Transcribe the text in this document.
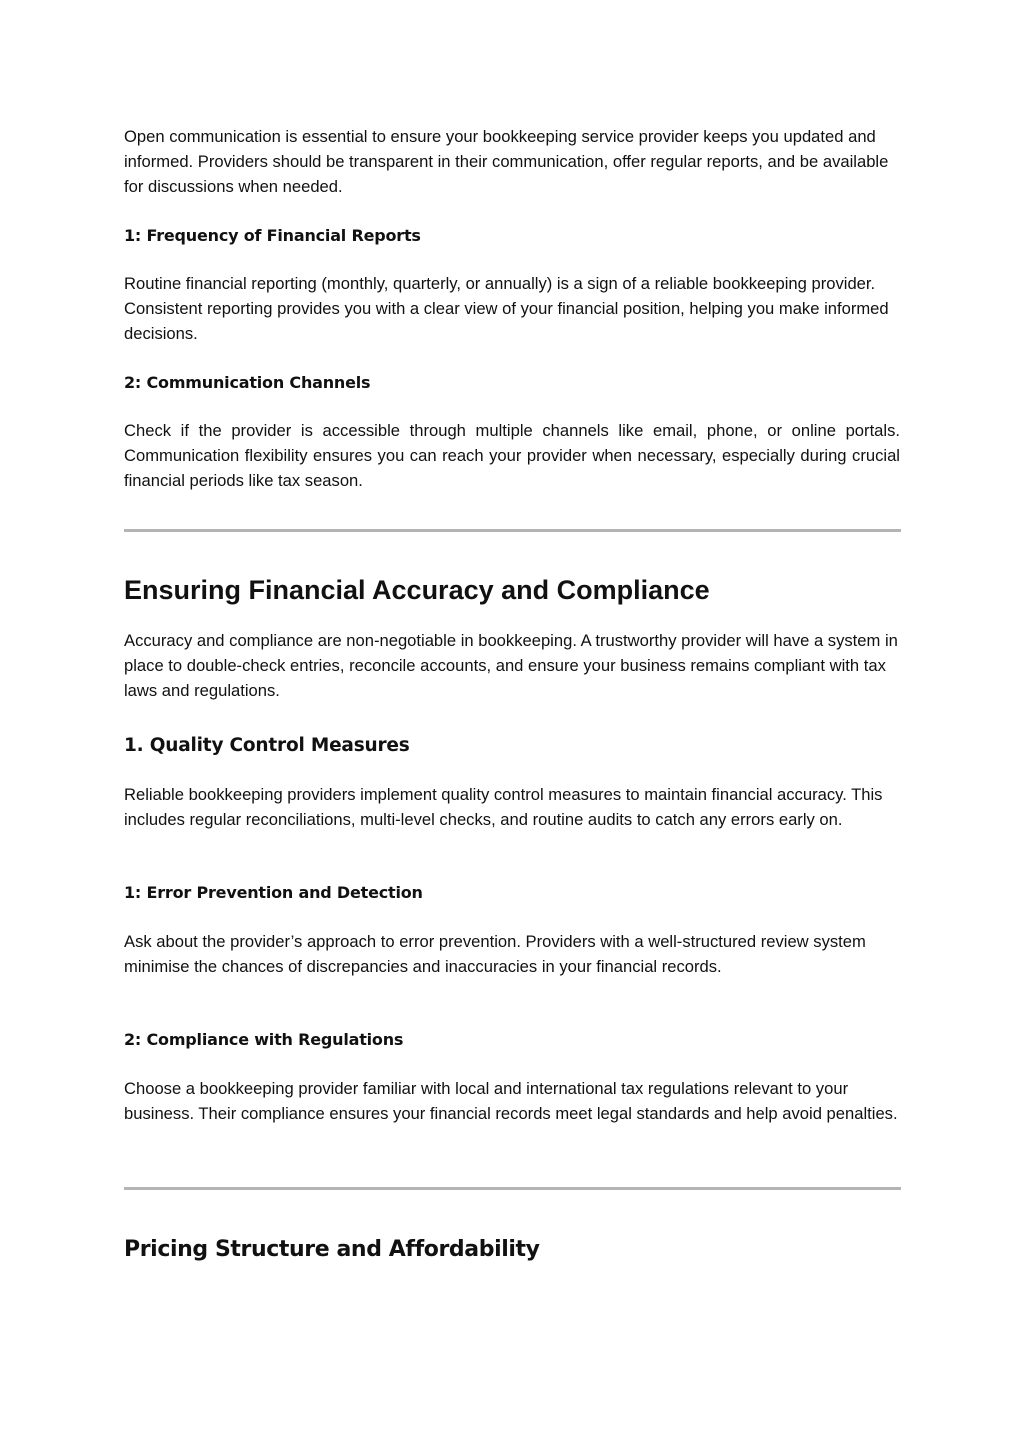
Open communication is essential to ensure your bookkeeping service provider keeps you updated and informed. Providers should be transparent in their communication, offer regular reports, and be available for discussions when needed.

1: Frequency of Financial Reports

Routine financial reporting (monthly, quarterly, or annually) is a sign of a reliable bookkeeping provider. Consistent reporting provides you with a clear view of your financial position, helping you make informed decisions.

2: Communication Channels

Check if the provider is accessible through multiple channels like email, phone, or online portals. Communication flexibility ensures you can reach your provider when necessary, especially during crucial financial periods like tax season.

Ensuring Financial Accuracy and Compliance

Accuracy and compliance are non-negotiable in bookkeeping. A trustworthy provider will have a system in place to double-check entries, reconcile accounts, and ensure your business remains compliant with tax laws and regulations.

1. Quality Control Measures

Reliable bookkeeping providers implement quality control measures to maintain financial accuracy. This includes regular reconciliations, multi-level checks, and routine audits to catch any errors early on.

1: Error Prevention and Detection

Ask about the provider’s approach to error prevention. Providers with a well-structured review system minimise the chances of discrepancies and inaccuracies in your financial records.

2: Compliance with Regulations

Choose a bookkeeping provider familiar with local and international tax regulations relevant to your business. Their compliance ensures your financial records meet legal standards and help avoid penalties.

Pricing Structure and Affordability
